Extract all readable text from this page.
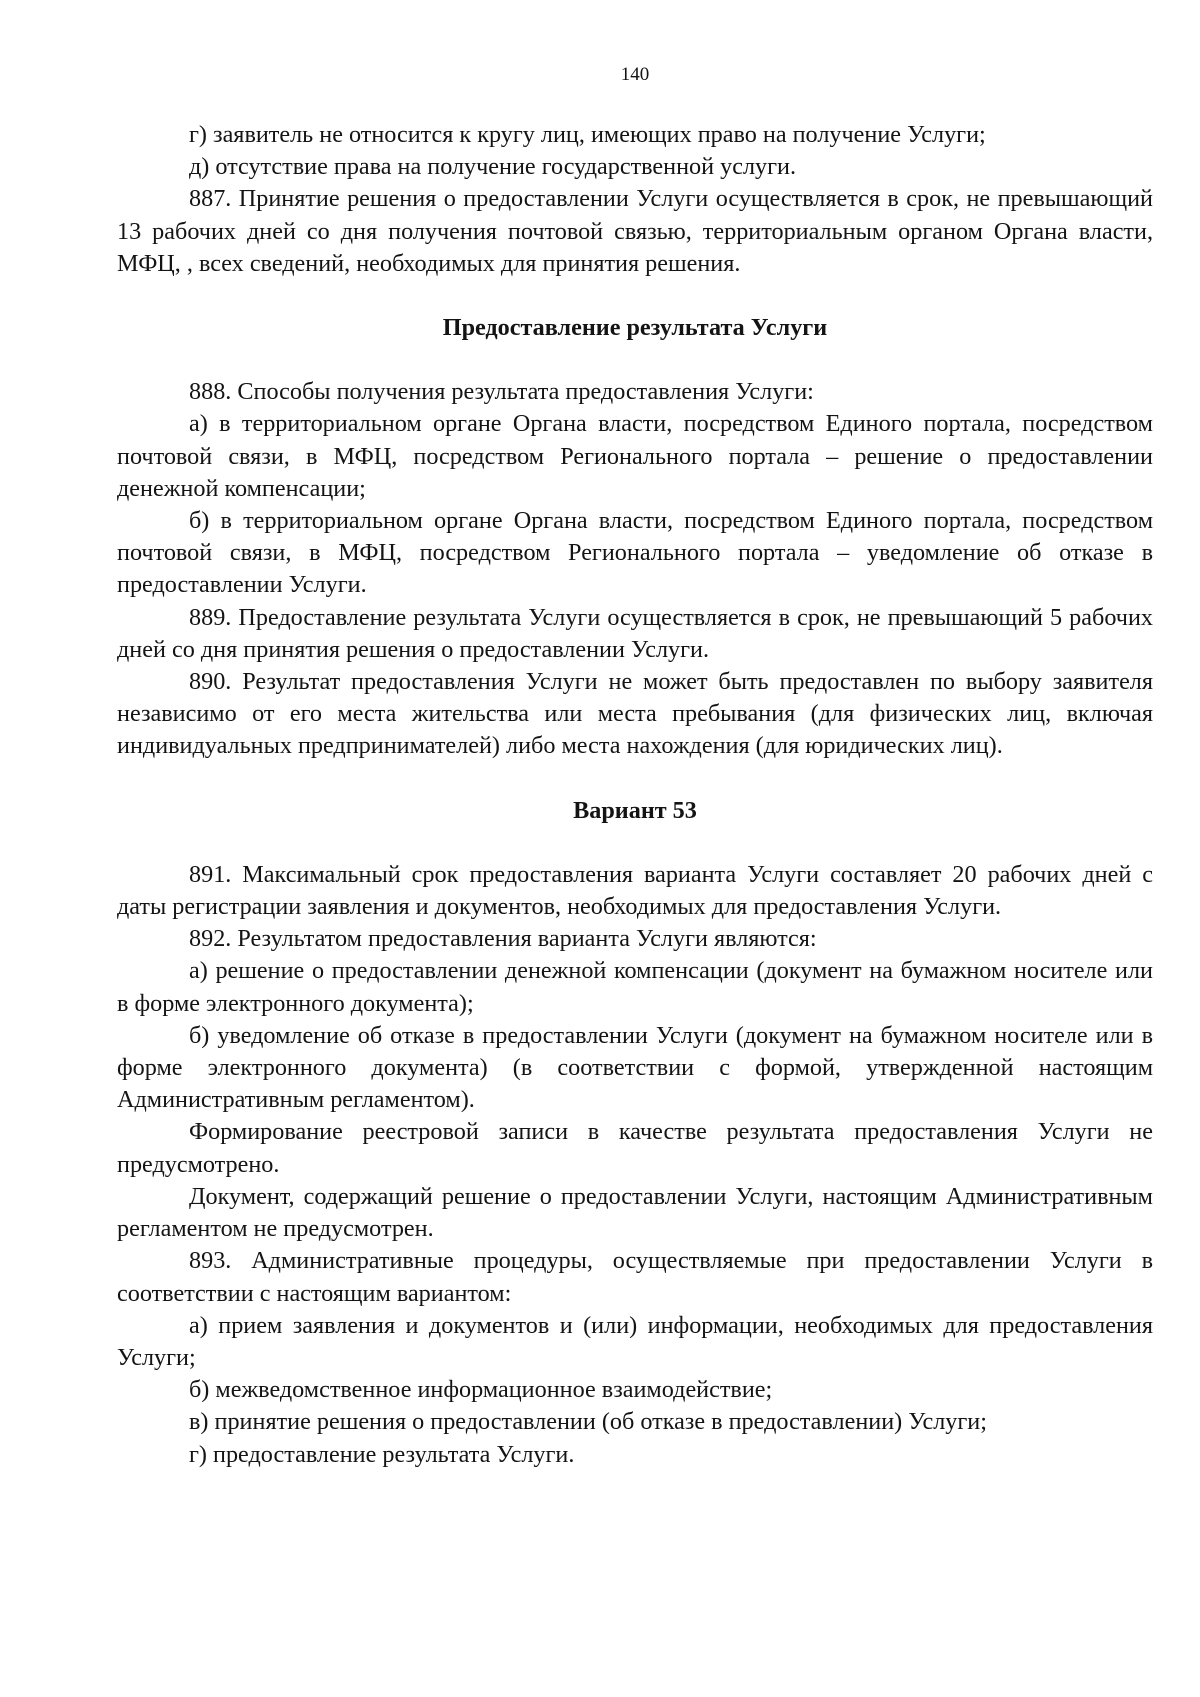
140

г) заявитель не относится к кругу лиц, имеющих право на получение Услуги;

д) отсутствие права на получение государственной услуги.

887. Принятие решения о предоставлении Услуги осуществляется в срок, не превышающий 13 рабочих дней со дня получения почтовой связью, территориальным органом Органа власти, МФЦ, , всех сведений, необходимых для принятия решения.

Предоставление результата Услуги

888. Способы получения результата предоставления Услуги:

а) в территориальном органе Органа власти, посредством Единого портала, посредством почтовой связи, в МФЦ, посредством Регионального портала – решение о предоставлении денежной компенсации;

б) в территориальном органе Органа власти, посредством Единого портала, посредством почтовой связи, в МФЦ, посредством Регионального портала – уведомление об отказе в предоставлении Услуги.

889. Предоставление результата Услуги осуществляется в срок, не превышающий 5 рабочих дней со дня принятия решения о предоставлении Услуги.

890. Результат предоставления Услуги не может быть предоставлен по выбору заявителя независимо от его места жительства или места пребывания (для физических лиц, включая индивидуальных предпринимателей) либо места нахождения (для юридических лиц).

Вариант 53

891. Максимальный срок предоставления варианта Услуги составляет 20 рабочих дней с даты регистрации заявления и документов, необходимых для предоставления Услуги.

892. Результатом предоставления варианта Услуги являются:

а) решение о предоставлении денежной компенсации (документ на бумажном носителе или в форме электронного документа);

б) уведомление об отказе в предоставлении Услуги (документ на бумажном носителе или в форме электронного документа) (в соответствии с формой, утвержденной настоящим Административным регламентом).

Формирование реестровой записи в качестве результата предоставления Услуги не предусмотрено.

Документ, содержащий решение о предоставлении Услуги, настоящим Административным регламентом не предусмотрен.

893. Административные процедуры, осуществляемые при предоставлении Услуги в соответствии с настоящим вариантом:

а) прием заявления и документов и (или) информации, необходимых для предоставления Услуги;

б) межведомственное информационное взаимодействие;

в) принятие решения о предоставлении (об отказе в предоставлении) Услуги;

г) предоставление результата Услуги.
